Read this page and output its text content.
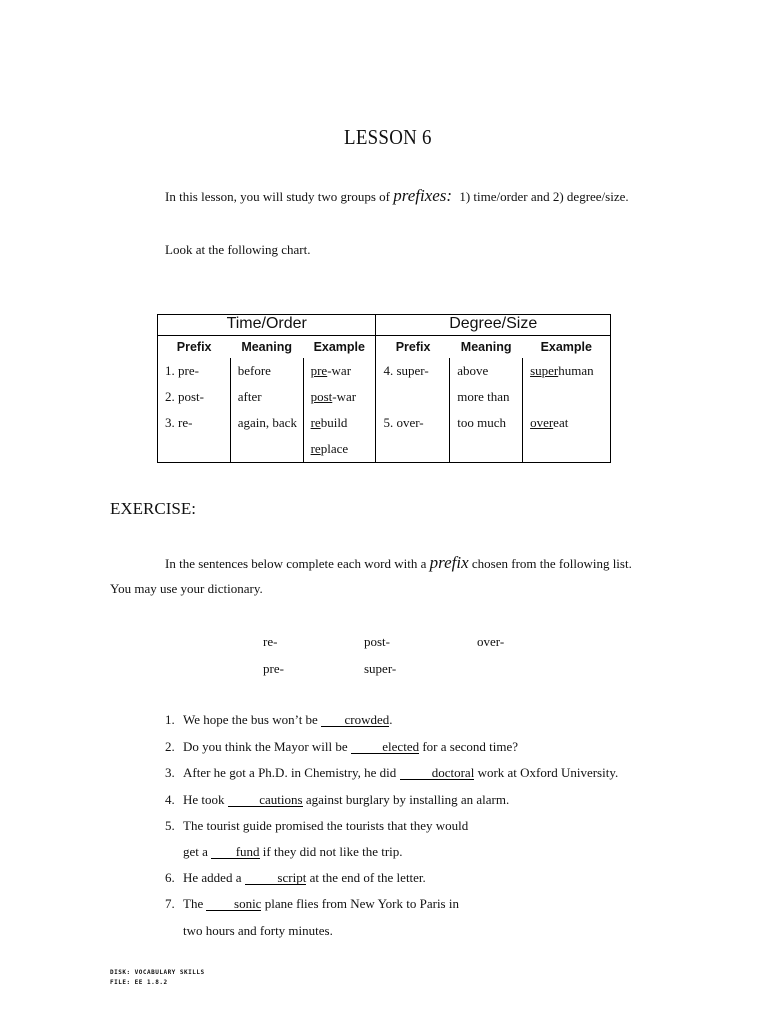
LESSON 6
In this lesson, you will study two groups of prefixes: 1) time/order and 2) degree/size.
Look at the following chart.
Time/Order			Degree/Size		
Prefix	Meaning	Example	Prefix	Meaning	Example
1. pre-	before	pre-war	4. super-	above	superhuman
2. post-	after	post-war		more than	
3. re-	again, back	rebuild	5. over-	too much	overeat
		replace			
EXERCISE:
In the sentences below complete each word with a prefix chosen from the following list.
You may use your dictionary.
re-	post-	over-
pre-	super-
1. We hope the bus won’t be crowded.
2. Do you think the Mayor will be elected for a second time?
3. After he got a Ph.D. in Chemistry, he did doctoral work at Oxford University.
4. He took cautions against burglary by installing an alarm.
5. The tourist guide promised the tourists that they would
get a fund if they did not like the trip.
6. He added a	script at the end of the letter.
7. The sonic plane flies from New York to Paris in
two hours and forty minutes.
DISK: VOCABULARY SKILLS
FILE: EE 1.8.2
